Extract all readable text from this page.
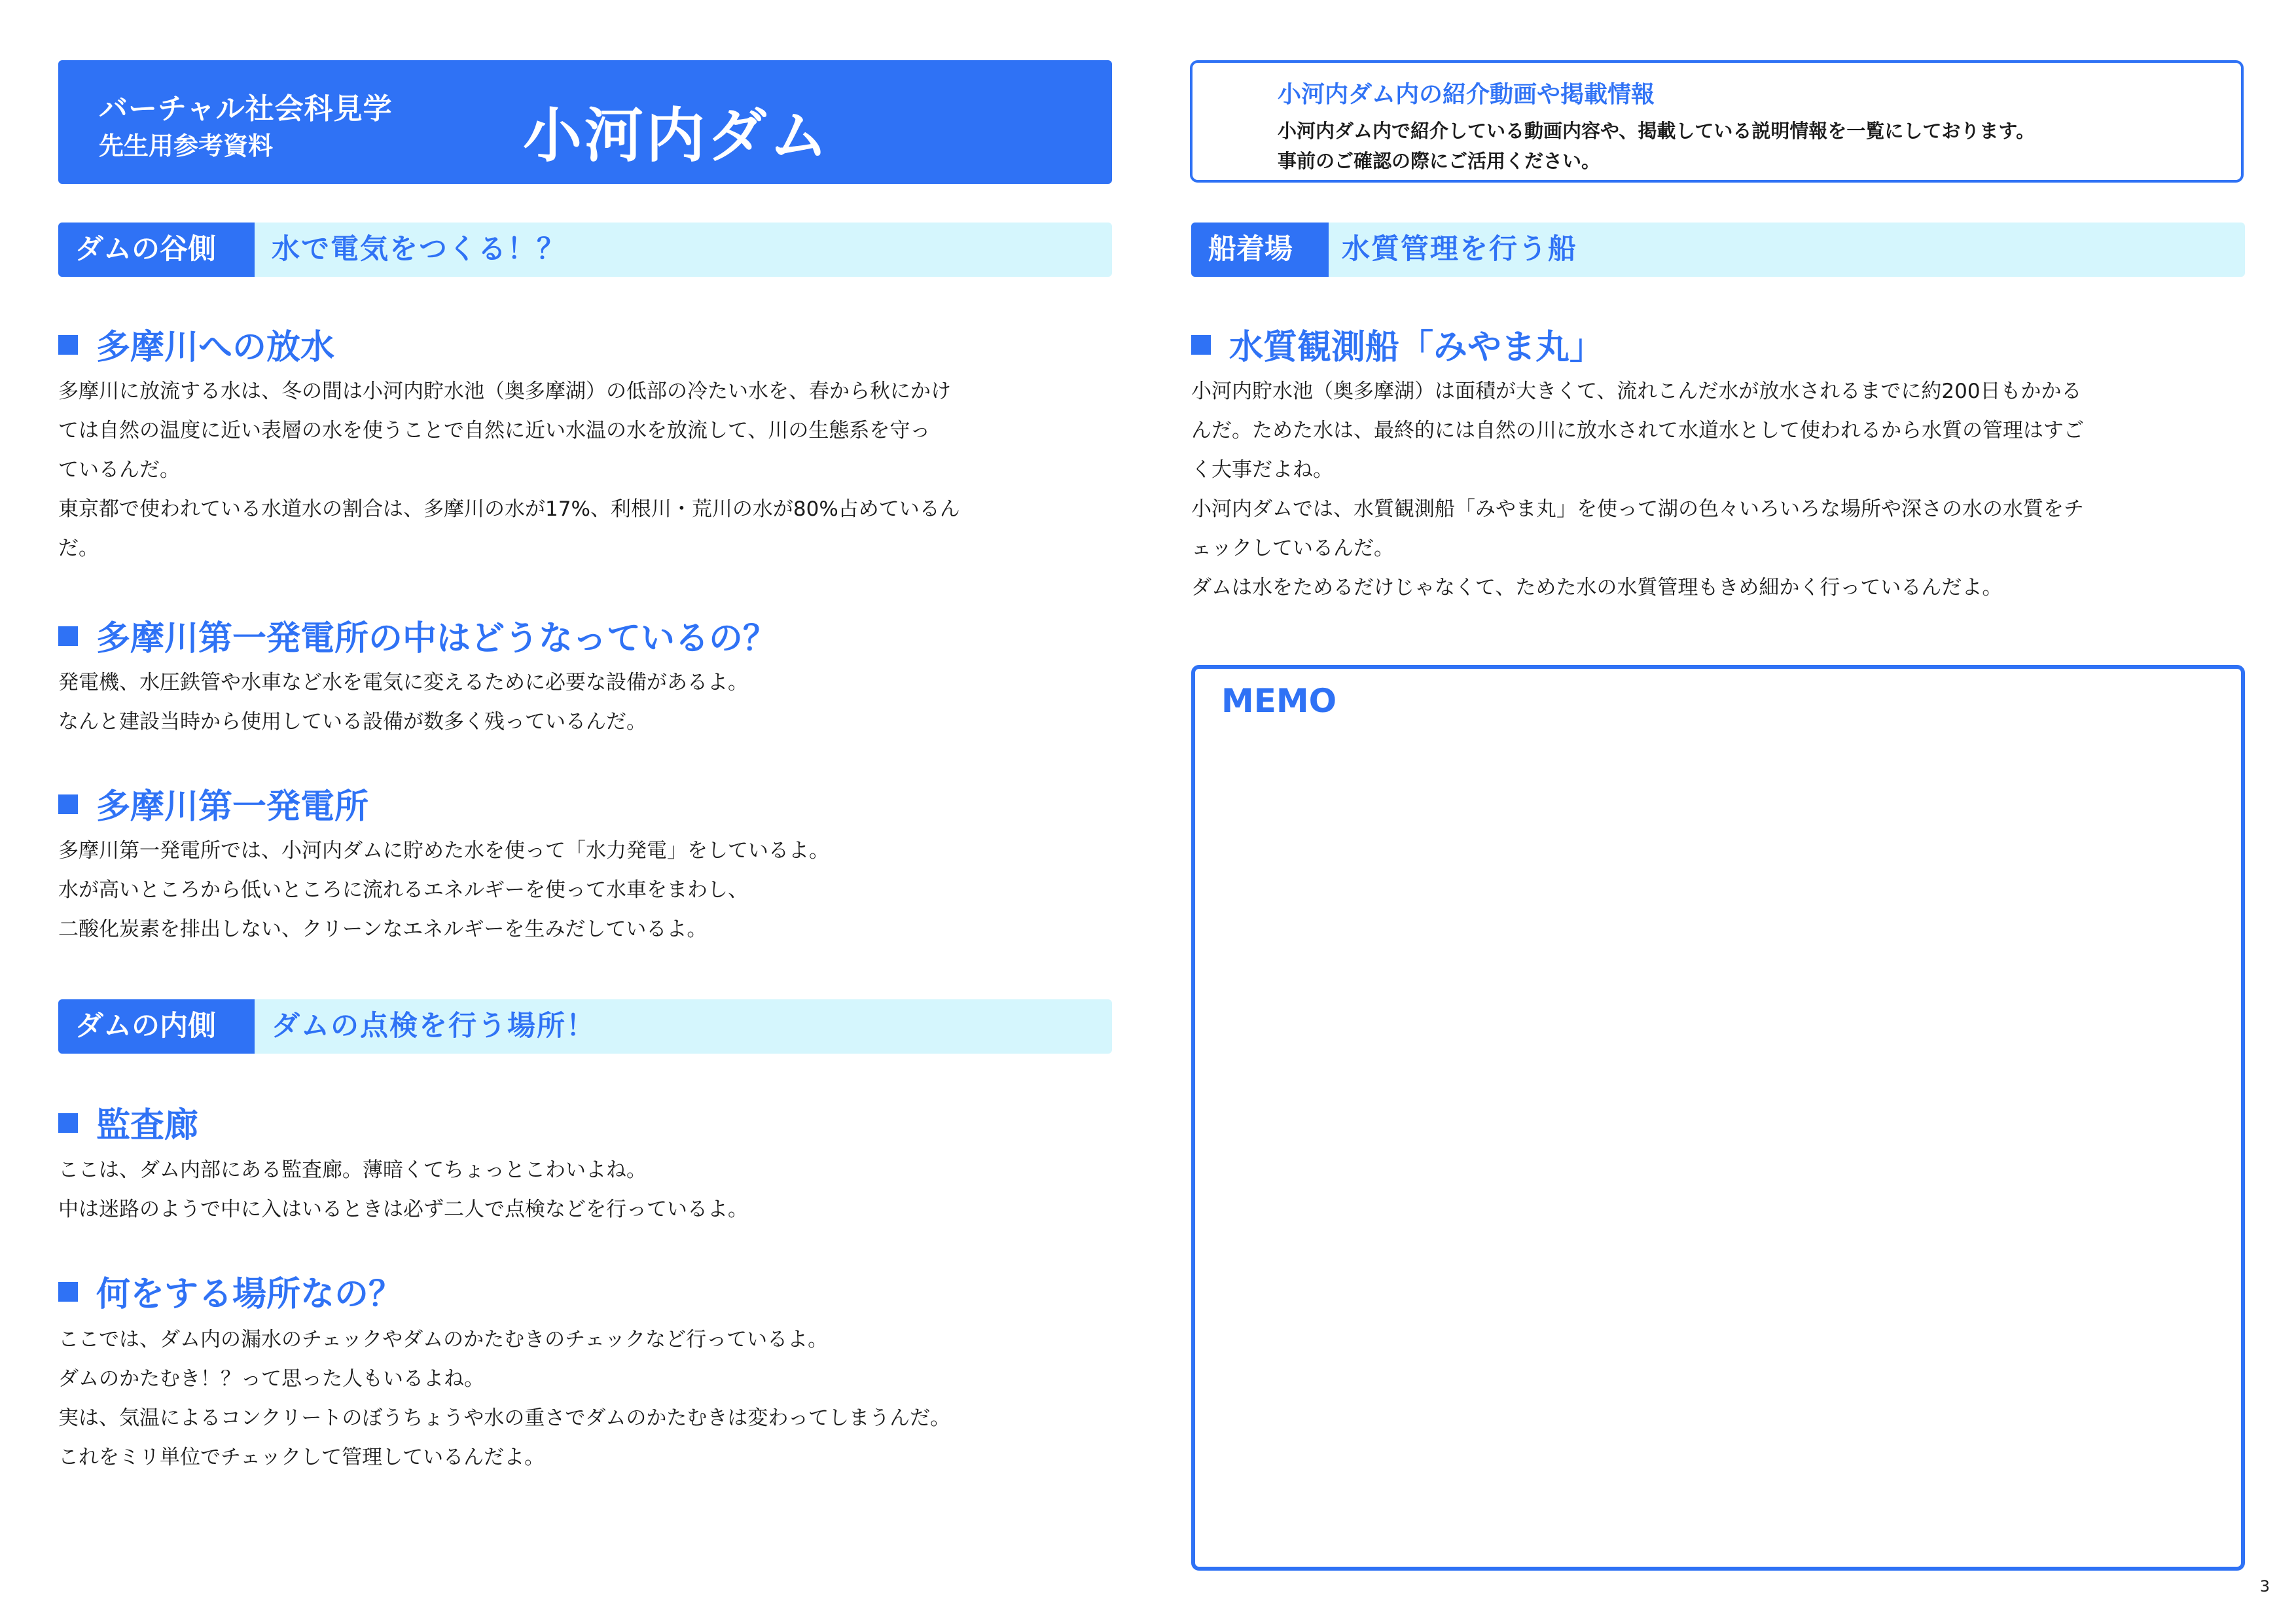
バーチャル社会科見学
先生用参考資料	小河内ダム
小河内ダム内の紹介動画や掲載情報
小河内ダム内で紹介している動画内容や、掲載している説明情報を一覧にしております。
事前のご確認の際にご活用ください。
ダムの谷側	水で電気をつくる！？
多摩川への放水
多摩川に放流する水は、冬の間は小河内貯水池（奥多摩湖）の低部の冷たい水を、春から秋にかけ
ては自然の温度に近い表層の水を使うことで自然に近い水温の水を放流して、川の生態系を守っ
ているんだ。
東京都で使われている水道水の割合は、多摩川の水が17%、利根川・荒川の水が80%占めているん
だ。
多摩川第一発電所の中はどうなっているの？
発電機、水圧鉄管や水車など水を電気に変えるために必要な設備があるよ。
なんと建設当時から使用している設備が数多く残っているんだ。
多摩川第一発電所
多摩川第一発電所では、小河内ダムに貯めた水を使って「水力発電」をしているよ。
水が高いところから低いところに流れるエネルギーを使って水車をまわし、
二酸化炭素を排出しない、クリーンなエネルギーを生みだしているよ。
ダムの内側	ダムの点検を行う場所！
監査廊
ここは、ダム内部にある監査廊。薄暗くてちょっとこわいよね。
中は迷路のようで中に入はいるときは必ず二人で点検などを行っているよ。
何をする場所なの？
ここでは、ダム内の漏水のチェックやダムのかたむきのチェックなど行っているよ。
ダムのかたむき！？って思った人もいるよね。
実は、気温によるコンクリートのぼうちょうや水の重さでダムのかたむきは変わってしまうんだ。
これをミリ単位でチェックして管理しているんだよ。
船着場	水質管理を行う船
水質観測船「みやま丸」
小河内貯水池（奥多摩湖）は面積が大きくて、流れこんだ水が放水されるまでに約200日もかかる
んだ。ためた水は、最終的には自然の川に放水されて水道水として使われるから水質の管理はすご
く大事だよね。
小河内ダムでは、水質観測船「みやま丸」を使って湖の色々いろいろな場所や深さの水の水質をチ
ェックしているんだ。
ダムは水をためるだけじゃなくて、ためた水の水質管理もきめ細かく行っているんだよ。
MEMO
3
